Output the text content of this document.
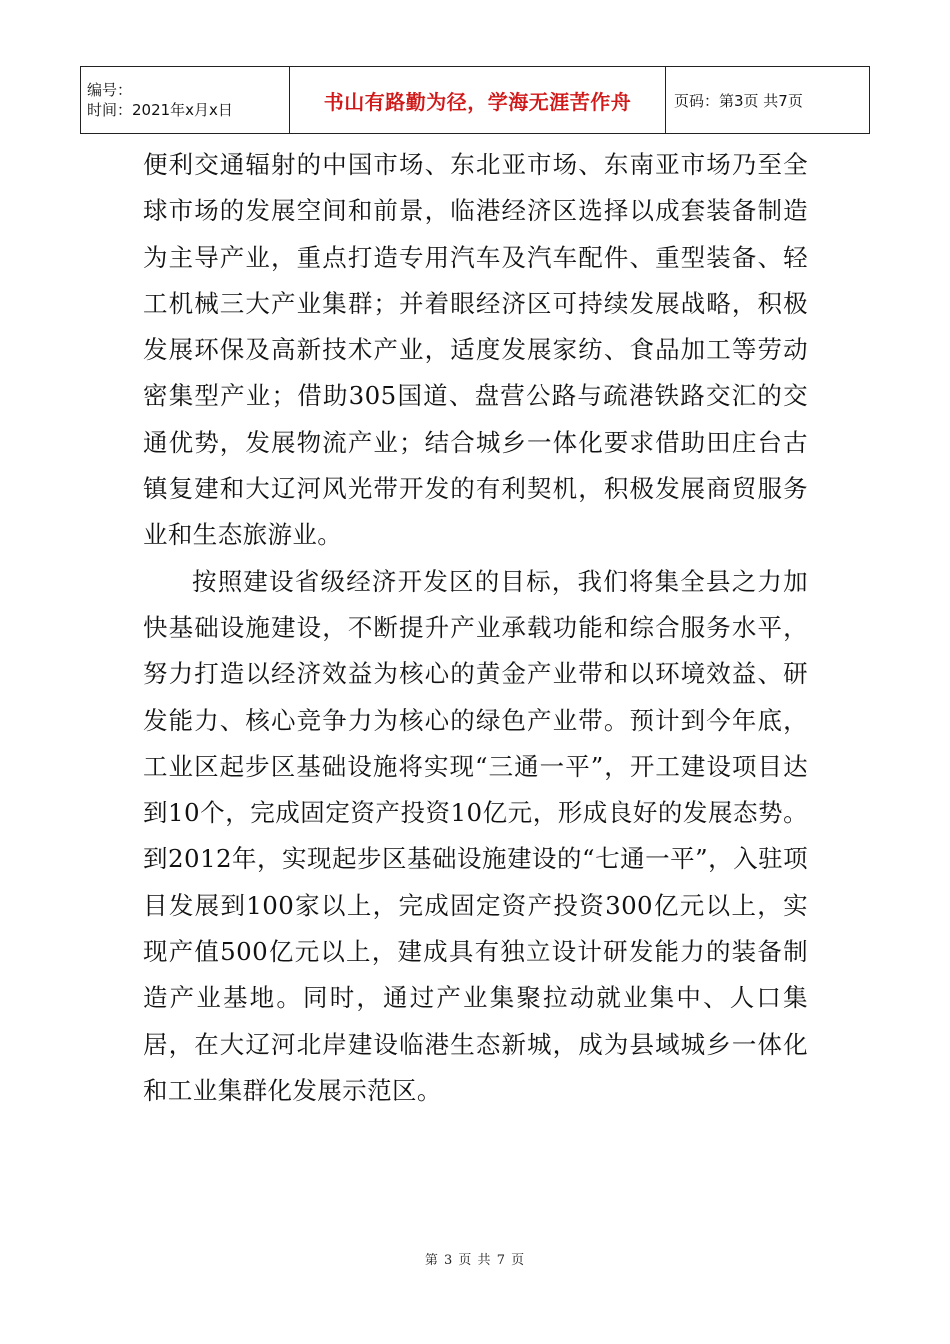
编号：
时间：2021年x月x日	书山有路勤为径，学海无涯苦作舟	页码：第3页 共7页

便利交通辐射的中国市场、东北亚市场、东南亚市场乃至全球市场的发展空间和前景，临港经济区选择以成套装备制造为主导产业，重点打造专用汽车及汽车配件、重型装备、轻工机械三大产业集群；并着眼经济区可持续发展战略，积极发展环保及高新技术产业，适度发展家纺、食品加工等劳动密集型产业；借助305国道、盘营公路与疏港铁路交汇的交通优势，发展物流产业；结合城乡一体化要求借助田庄台古镇复建和大辽河风光带开发的有利契机，积极发展商贸服务业和生态旅游业。

按照建设省级经济开发区的目标，我们将集全县之力加快基础设施建设，不断提升产业承载功能和综合服务水平，努力打造以经济效益为核心的黄金产业带和以环境效益、研发能力、核心竞争力为核心的绿色产业带。预计到今年底，工业区起步区基础设施将实现“三通一平”，开工建设项目达到10个，完成固定资产投资10亿元，形成良好的发展态势。到2012年，实现起步区基础设施建设的“七通一平”，入驻项目发展到100家以上，完成固定资产投资300亿元以上，实现产值500亿元以上，建成具有独立设计研发能力的装备制造产业基地。同时，通过产业集聚拉动就业集中、人口集居，在大辽河北岸建设临港生态新城，成为县域城乡一体化和工业集群化发展示范区。

第 3 页 共 7 页
